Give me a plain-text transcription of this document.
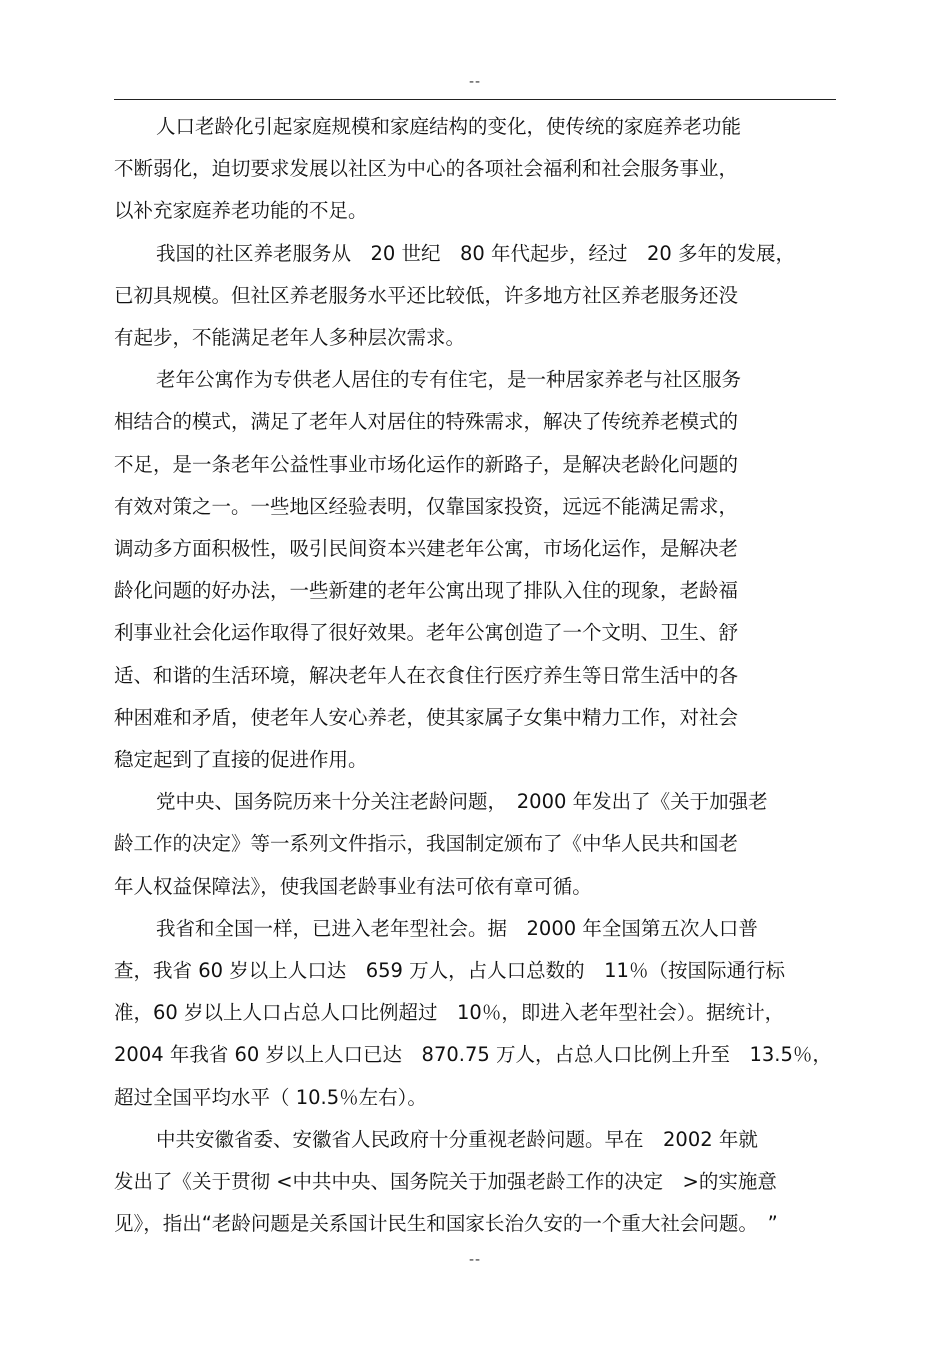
--

人口老龄化引起家庭规模和家庭结构的变化，使传统的家庭养老功能
不断弱化，迫切要求发展以社区为中心的各项社会福利和社会服务事业，
以补充家庭养老功能的不足。

我国的社区养老服务从　20 世纪　80 年代起步，经过　20 多年的发展，
已初具规模。但社区养老服务水平还比较低，许多地方社区养老服务还没
有起步，不能满足老年人多种层次需求。

老年公寓作为专供老人居住的专有住宅，是一种居家养老与社区服务
相结合的模式，满足了老年人对居住的特殊需求，解决了传统养老模式的
不足，是一条老年公益性事业市场化运作的新路子，是解决老龄化问题的
有效对策之一。一些地区经验表明，仅靠国家投资，远远不能满足需求，
调动多方面积极性，吸引民间资本兴建老年公寓，市场化运作，是解决老
龄化问题的好办法，一些新建的老年公寓出现了排队入住的现象，老龄福
利事业社会化运作取得了很好效果。老年公寓创造了一个文明、卫生、舒
适、和谐的生活环境，解决老年人在衣食住行医疗养生等日常生活中的各
种困难和矛盾，使老年人安心养老，使其家属子女集中精力工作，对社会
稳定起到了直接的促进作用。

党中央、国务院历来十分关注老龄问题，　2000 年发出了《关于加强老
龄工作的决定》等一系列文件指示，我国制定颁布了《中华人民共和国老
年人权益保障法》，使我国老龄事业有法可依有章可循。

我省和全国一样，已进入老年型社会。据　2000 年全国第五次人口普
查，我省 60 岁以上人口达　659 万人，占人口总数的　11％（按国际通行标
准，60 岁以上人口占总人口比例超过　10％，即进入老年型社会）。据统计，
2004 年我省 60 岁以上人口已达　870.75 万人，占总人口比例上升至　13.5％，
超过全国平均水平（ 10.5％左右）。

中共安徽省委、安徽省人民政府十分重视老龄问题。早在　2002 年就
发出了《关于贯彻 <中共中央、国务院关于加强老龄工作的决定　>的实施意
见》，指出“老龄问题是关系国计民生和国家长治久安的一个重大社会问题。　”

--
